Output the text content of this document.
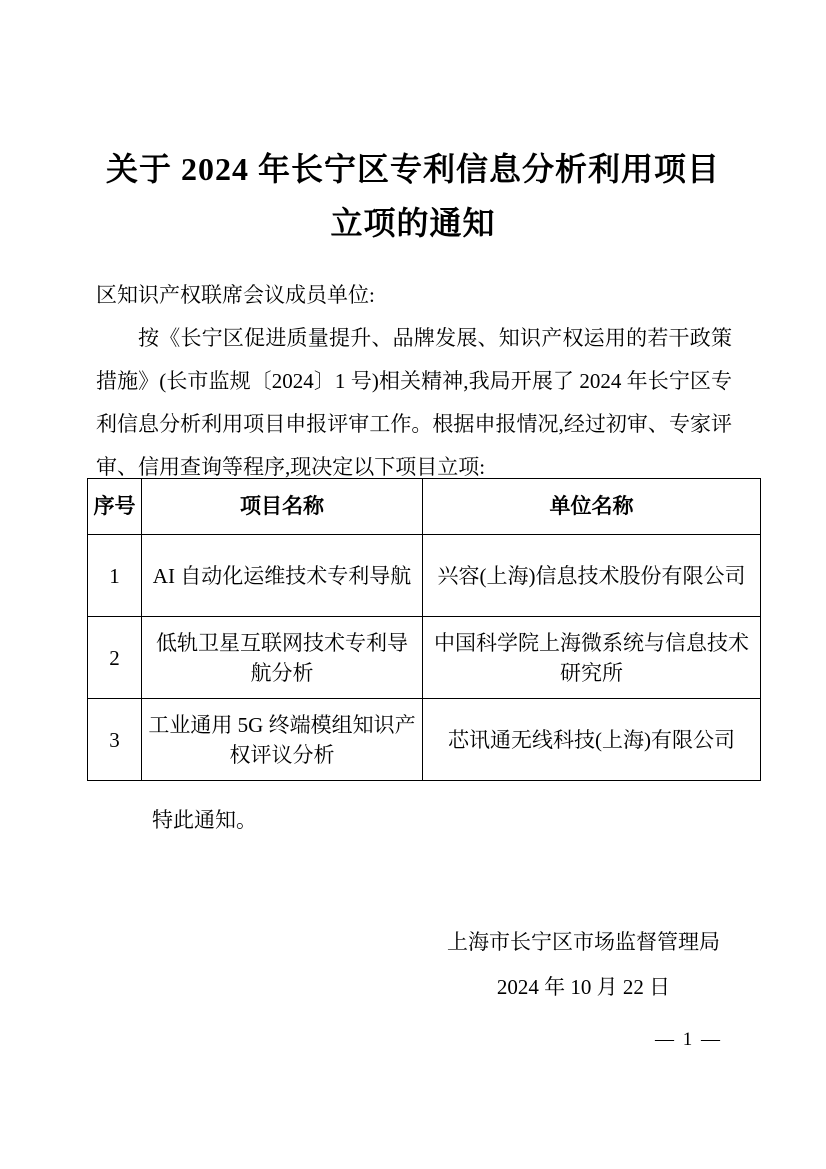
关于 2024 年长宁区专利信息分析利用项目
立项的通知

区知识产权联席会议成员单位:

按《长宁区促进质量提升、品牌发展、知识产权运用的若干政策措施》(长市监规〔2024〕1 号)相关精神,我局开展了 2024 年长宁区专利信息分析利用项目申报评审工作。根据申报情况,经过初审、专家评审、信用查询等程序,现决定以下项目立项:

序号	项目名称	单位名称
1	AI 自动化运维技术专利导航	兴容(上海)信息技术股份有限公司
2	低轨卫星互联网技术专利导航分析	中国科学院上海微系统与信息技术研究所
3	工业通用 5G 终端模组知识产权评议分析	芯讯通无线科技(上海)有限公司
特此通知。
上海市长宁区市场监督管理局
2024 年 10 月 22 日
— 1 —
